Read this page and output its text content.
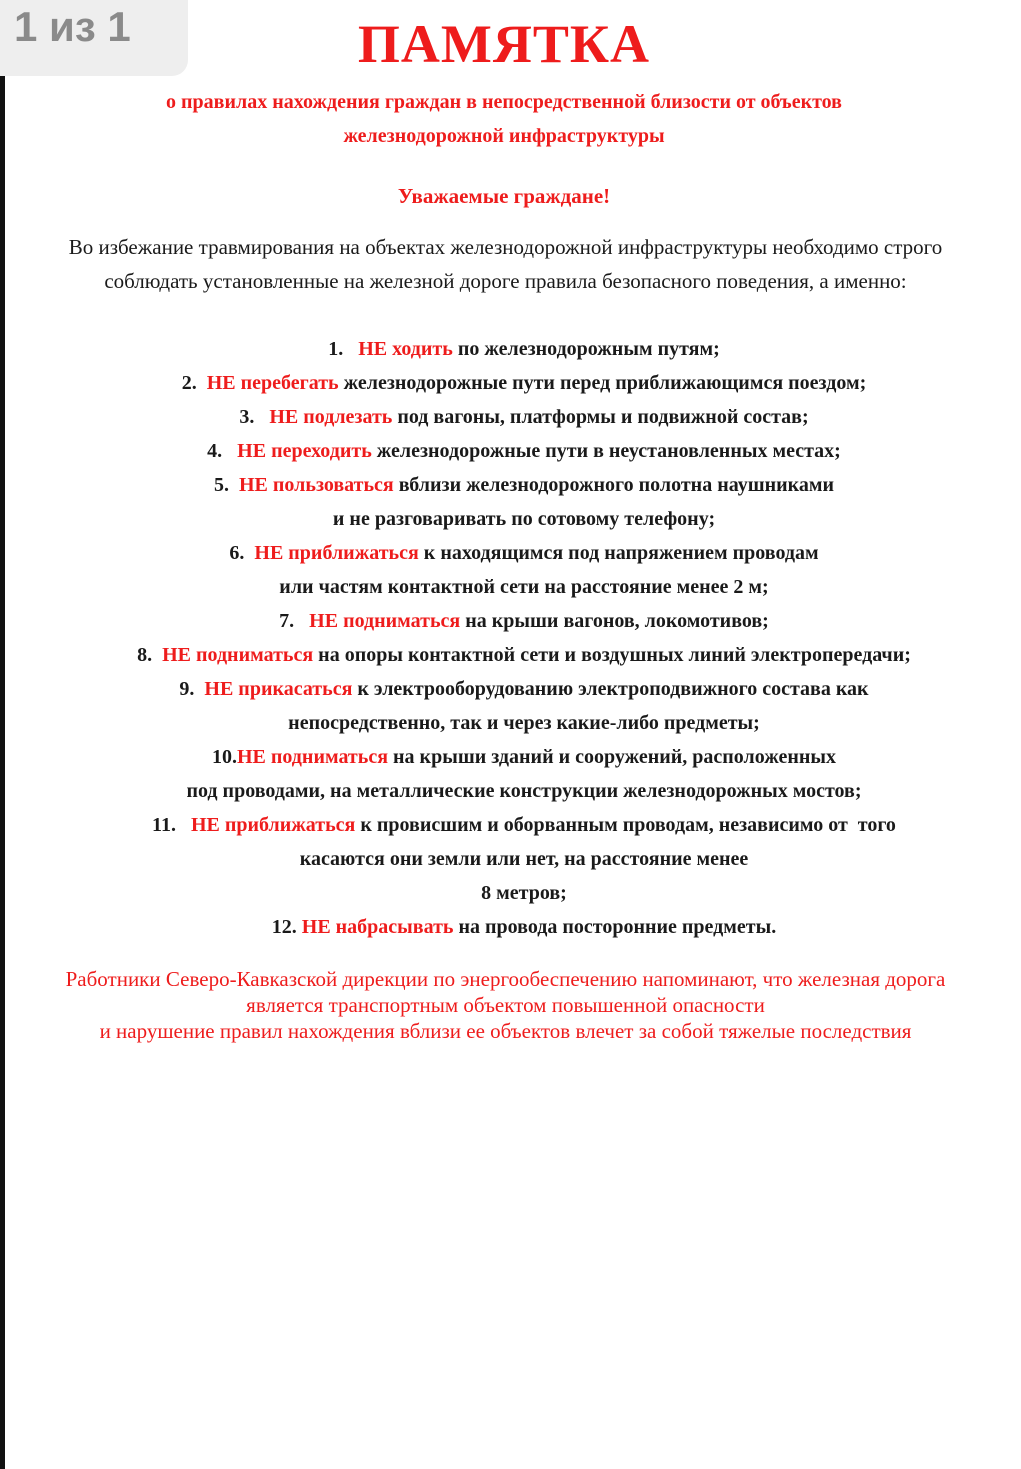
1 из 1	ПАМЯТКА
о правилах нахождения граждан в непосредственной близости от объектов
железнодорожной инфраструктуры
Уважаемые граждане!
Во избежание травмирования на объектах железнодорожной инфраструктуры необходимо строго
соблюдать установленные на железной дороге правила безопасного поведения, а именно:
1. НЕ ходить по железнодорожным путям;
2. НЕ перебегать железнодорожные пути перед приближающимся поездом;
3. НЕ подлезать под вагоны, платформы и подвижной состав;
4. НЕ переходить железнодорожные пути в неустановленных местах;
5. НЕ пользоваться вблизи железнодорожного полотна наушниками
и не разговаривать по сотовому телефону;
6. НЕ приближаться к находящимся под напряжением проводам
или частям контактной сети на расстояние менее 2 м;
7. НЕ подниматься на крыши вагонов, локомотивов;
8. НЕ подниматься на опоры контактной сети и воздушных линий электропередачи;
9. НЕ прикасаться к электрооборудованию электроподвижного состава как
непосредственно, так и через какие-либо предметы;
10.НЕ подниматься на крыши зданий и сооружений, расположенных
под проводами, на металлические конструкции железнодорожных мостов;
11. НЕ приближаться к провисшим и оборванным проводам, независимо от  того
касаются они земли или нет, на расстояние менее
8 метров;
12. НЕ набрасывать на провода посторонние предметы.
Работники Северо-Кавказской дирекции по энергообеспечению напоминают, что железная дорога
является транспортным объектом повышенной опасности
и нарушение правил нахождения вблизи ее объектов влечет за собой тяжелые последствия
